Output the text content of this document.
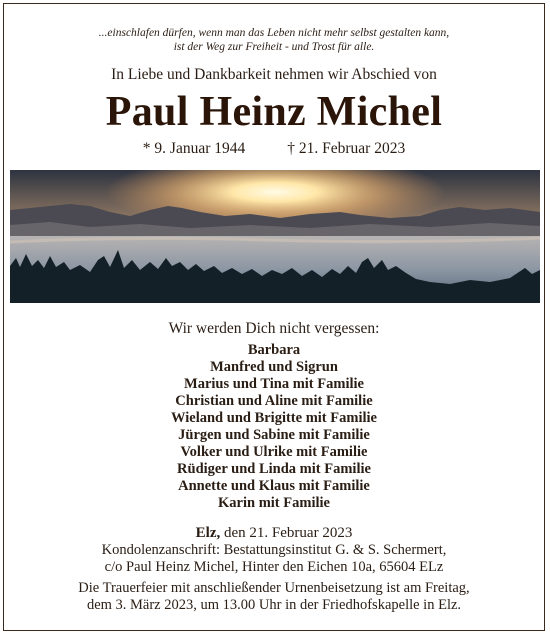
...einschlafen dürfen, wenn man das Leben nicht mehr selbst gestalten kann,
ist der Weg zur Freiheit - und Trost für alle.
In Liebe und Dankbarkeit nehmen wir Abschied von
Paul Heinz Michel
* 9. Januar 1944	† 21. Februar 2023
Wir werden Dich nicht vergessen:
Barbara
Manfred und Sigrun
Marius und Tina mit Familie
Christian und Aline mit Familie
Wieland und Brigitte mit Familie
Jürgen und Sabine mit Familie
Volker und Ulrike mit Familie
Rüdiger und Linda mit Familie
Annette und Klaus mit Familie
Karin mit Familie
Elz, den 21. Februar 2023
Kondolenzanschrift: Bestattungsinstitut G. & S. Schermert,
c/o Paul Heinz Michel, Hinter den Eichen 10a, 65604 ELz
Die Trauerfeier mit anschließender Urnenbeisetzung ist am Freitag,
dem 3. März 2023, um 13.00 Uhr in der Friedhofskapelle in Elz.
